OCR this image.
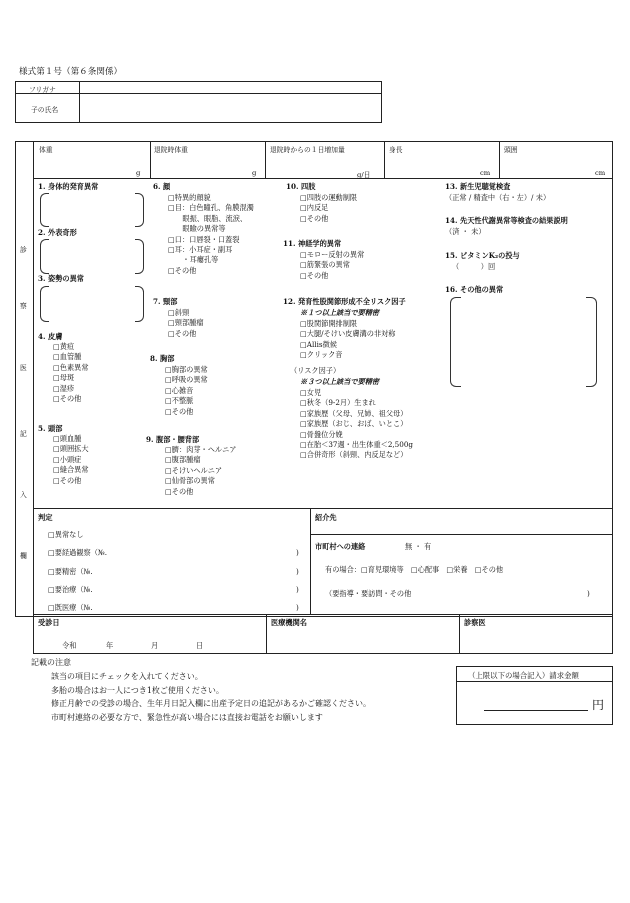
様式第１号（第６条関係）
フリガナ
子の氏名
診
察
医
記
入
欄
体重
g
退院時体重
g
退院時からの１日増加量
g/日
身長
cm
頭囲
cm
1. 身体的発育異常
2. 外表奇形
3. 姿勢の異常
4. 皮膚
□黄疸
□血管腫
□色素異常
□母斑
□湿疹
□その他
5. 頭部
□頭血腫
□頭囲拡大
□小頭症
□縫合異常
□その他
6. 顔
□特異的顔貌
□目：白色瞳孔、角膜混濁
　　眼振、眼脂、流涙、
　　眼瞼の異常等
□口：口唇裂・口蓋裂
□耳：小耳症・副耳
　　・耳瘻孔等
□その他
7. 頸部
□斜頸
□頸部腫瘤
□その他
8. 胸部
□胸部の異常
□呼吸の異常
□心雑音
□不整脈
□その他
9. 腹部・腰背部
□臍：肉芽・ヘルニア
□腹部腫瘤
□そけいヘルニア
□仙骨部の異常
□その他
10. 四肢
□四肢の運動制限
□内反足
□その他
11. 神経学的異常
□モロー反射の異常
□筋緊張の異常
□その他
12. 発育性股関節形成不全リスク因子
※１つ以上該当で要精密
□股関節開排制限
□大腿/そけい皮膚溝の非対称
□Allis徴候
□クリック音
（リスク因子）
※３つ以上該当で要精密
□女児
□秋冬（9-2月）生まれ
□家族歴（父母、兄姉、祖父母）
□家族歴（おじ、おば、いとこ）
□骨盤位分娩
□在胎＜37週・出生体重＜2,500g
□合併奇形（斜頸、内反足など）
13. 新生児聴覚検査
（正常 / 精査中（右・左）/ 未）
14. 先天性代謝異常等検査の結果説明
（済 ・ 未）
15. ビタミンK₂の投与
（　　　）回
16. その他の異常
判定
□異常なし
□要経過観察（№.	)
□要精密（№.	)
□要治療（№.	)
□既医療（№.	)
紹介先
市町村への連絡	無 ・ 有
有の場合：□育児環境等　□心配事　□栄養　□その他
（要指導・要訪問・その他	)
受診日
令和	年	月	日
医療機関名	診察医
記載の注意
該当の項目にチェックを入れてください。
多胎の場合はお一人につき1枚ご使用ください。
修正月齢での受診の場合、生年月日記入欄に出産予定日の追記があるかご確認ください。
市町村連絡の必要な方で、緊急性が高い場合には直接お電話をお願いします
（上限以下の場合記入）請求金額
円
